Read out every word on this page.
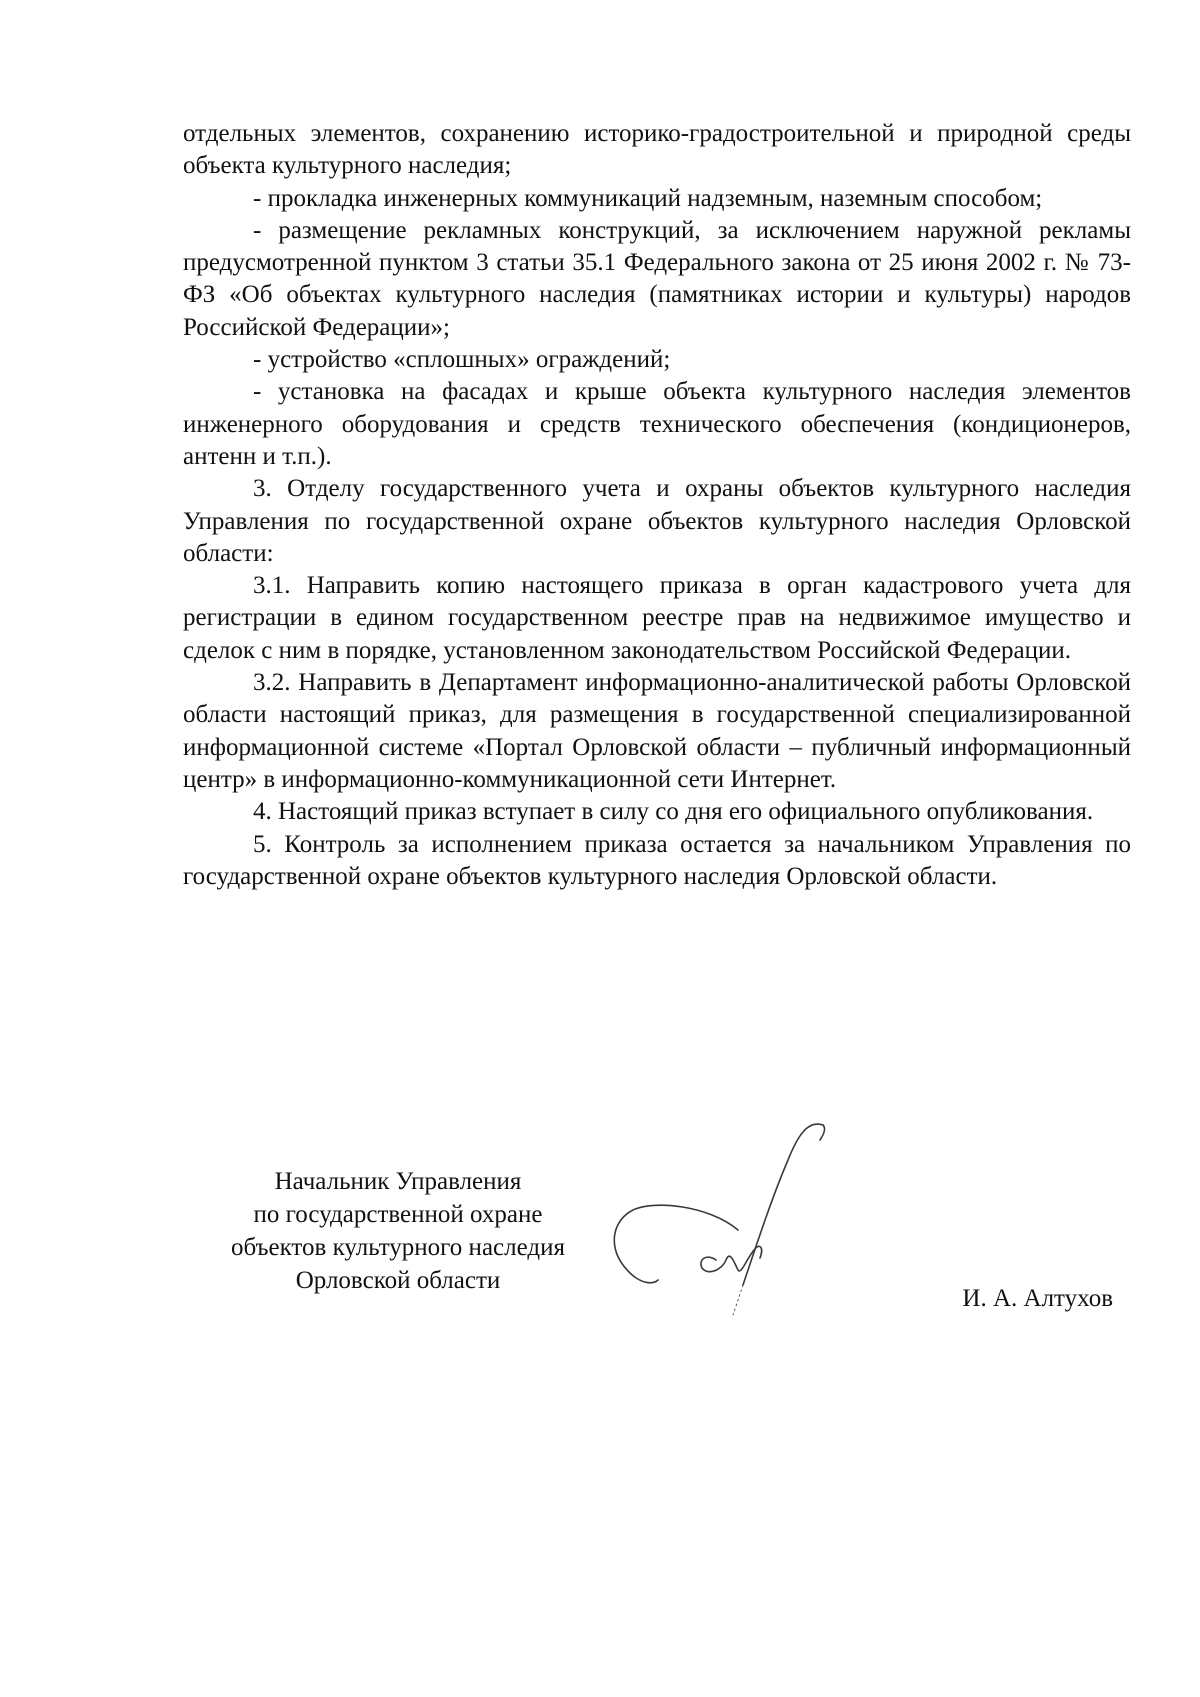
отдельных элементов, сохранению историко-градостроительной и природной среды объекта культурного наследия;

- прокладка инженерных коммуникаций надземным, наземным способом;

- размещение рекламных конструкций, за исключением наружной рекламы предусмотренной пунктом 3 статьи 35.1 Федерального закона от 25 июня 2002 г. № 73-ФЗ «Об объектах культурного наследия (памятниках истории и культуры) народов Российской Федерации»;

- устройство «сплошных» ограждений;

- установка на фасадах и крыше объекта культурного наследия элементов инженерного оборудования и средств технического обеспечения (кондиционеров, антенн и т.п.).

3. Отделу государственного учета и охраны объектов культурного наследия Управления по государственной охране объектов культурного наследия Орловской области:

3.1. Направить копию настоящего приказа в орган кадастрового учета для регистрации в едином государственном реестре прав на недвижимое имущество и сделок с ним в порядке, установленном законодательством Российской Федерации.

3.2. Направить в Департамент информационно-аналитической работы Орловской области настоящий приказ, для размещения в государственной специализированной информационной системе «Портал Орловской области – публичный информационный центр» в информационно-коммуникационной сети Интернет.

4. Настоящий приказ вступает в силу со дня его официального опубликования.

5. Контроль за исполнением приказа остается за начальником Управления по государственной охране объектов культурного наследия Орловской области.

Начальник Управления
по государственной охране
объектов культурного наследия
Орловской области
И. А. Алтухов
